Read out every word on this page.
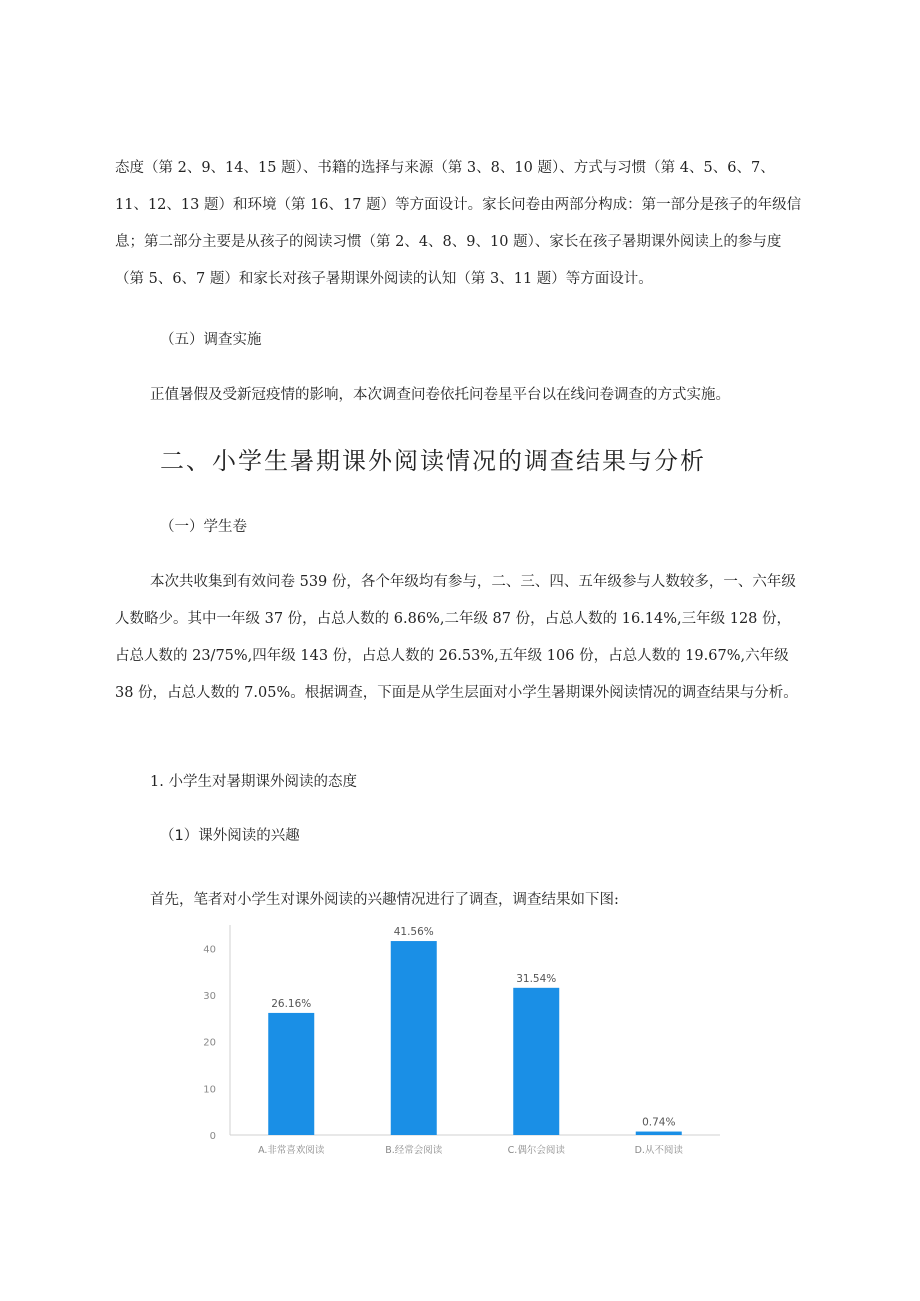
态度（第 2、9、14、15 题）、书籍的选择与来源（第 3、8、10 题）、方式与习惯（第 4、5、6、7、11、12、13 题）和环境（第 16、17 题）等方面设计。家长问卷由两部分构成：第一部分是孩子的年级信息；第二部分主要是从孩子的阅读习惯（第 2、4、8、9、10 题）、家长在孩子暑期课外阅读上的参与度（第 5、6、7 题）和家长对孩子暑期课外阅读的认知（第 3、11 题）等方面设计。

（五）调查实施

正值暑假及受新冠疫情的影响，本次调查问卷依托问卷星平台以在线问卷调查的方式实施。

二、小学生暑期课外阅读情况的调查结果与分析

（一）学生卷

本次共收集到有效问卷 539 份，各个年级均有参与，二、三、四、五年级参与人数较多，一、六年级人数略少。其中一年级 37 份，占总人数的 6.86%,二年级 87 份，占总人数的 16.14%,三年级 128 份，占总人数的 23/75%,四年级 143 份，占总人数的 26.53%,五年级 106 份，占总人数的 19.67%,六年级 38 份，占总人数的 7.05%。根据调查，下面是从学生层面对小学生暑期课外阅读情况的调查结果与分析。

1. 小学生对暑期课外阅读的态度

（1）课外阅读的兴趣

首先，笔者对小学生对课外阅读的兴趣情况进行了调查，调查结果如下图:

0
10
20
30
40
26.16%
A.非常喜欢阅读
41.56%
B.经常会阅读
31.54%
C.偶尔会阅读
0.74%
D.从不阅读
